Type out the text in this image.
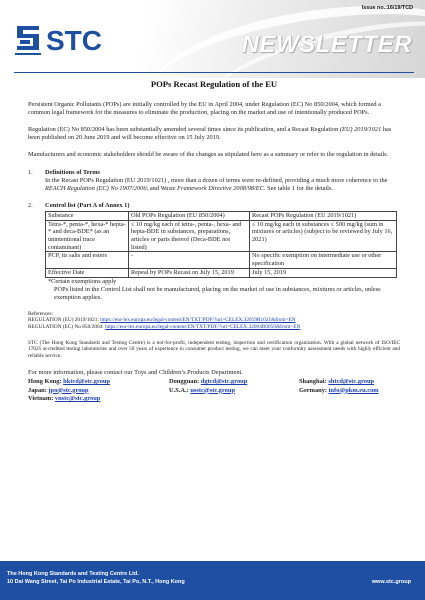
Issue no.:16/19/TCD
STC	NEWSLETTER
POPs Recast Regulation of the EU

Persistent Organic Pollutants (POPs) are initially controlled by the EU in April 2004, under Regulation (EC) No 850/2004, which formed a common legal framework for the measures to eliminate the production, placing on the market and use of intentionally produced POPs.

Regulation (EC) No 850/2004 has been substantially amended several times since its publication, and a Recast Regulation (EU) 2019/1021 has been published on 20 June 2019 and will become effective on 15 July 2019.

Manufacturers and economic stakeholders should be aware of the changes as stipulated here as a summary or refer to the regulation in details.

1. Definitions of Terms
In the Recast POPs Regulation (EU 2019/1021) , more than a dozen of terms were re-defined, providing a much more coherence to the REACH Regulation (EC) No 1907/2006; and Waste Framework Directive 2008/98/EC. See table 1 for the details.
2. Control list (Part A of Annex 1)
Substance	Old POPs Regulation (EU 850/2004)	Recast POPs Regulation (EU 2019/1021)
Tetra-*, penta-*, hexa-* hepta-* and deca-BDE* (as an unintentional trace contaminant)	≤ 10 mg/kg each of tetra-, penta-, hexa- and hepta-BDE in substances, preparations, articles or parts thereof (Deca-BDE not listed)	≤ 10 mg/kg each in substances ≤ 500 mg/kg (sum in mixtures or articles) (subject to be reviewed by July 16, 2021)
PCP, its salts and esters	-	No specific exemption on intermediate use or other specification
Effective Date	Repeal by POPs Recast on July 15, 2019	July 15, 2019
*Certain exemptions apply
POPs listed in the Control List shall not be manufactured, placing on the market of use in substances, mixtures or articles, unless exemption applies.
References:
REGULATION (EU) 2019/1021: https://eur-lex.europa.eu/legal-content/EN/TXT/PDF/?uri=CELEX:32019R1021&from=EN
REGULATION (EC) No 850/2004: https://eur-lex.europa.eu/legal-content/EN/TXT/PDF/?uri=CELEX:32004R0850&from=EN
STC (The Hong Kong Standards and Testing Centre) is a not-for-profit, independent testing, inspection and certification organization. With a global network of ISO/IEC 17025 accredited testing laboratories and over 50 years of experience in consumer product testing, we can meet your conformity assessment needs with highly efficient and reliable service.
For more information, please contact our Toys and Children’s Products Department.
Hong Kong: hktcd@stc.group	Dongguan: dgtcd@stc.group	Shanghai: shtcd@stc.group
Japan: jpo@stc.group	U.S.A.: usstc@stc.group	Germany: info@pkm.eu.com
Vietnam: vnstc@stc.group
The Hong Kong Standards and Testing Centre Ltd.
10 Dai Wang Street, Tai Po Industrial Estate, Tai Po, N.T., Hong Kong	www.stc.group
